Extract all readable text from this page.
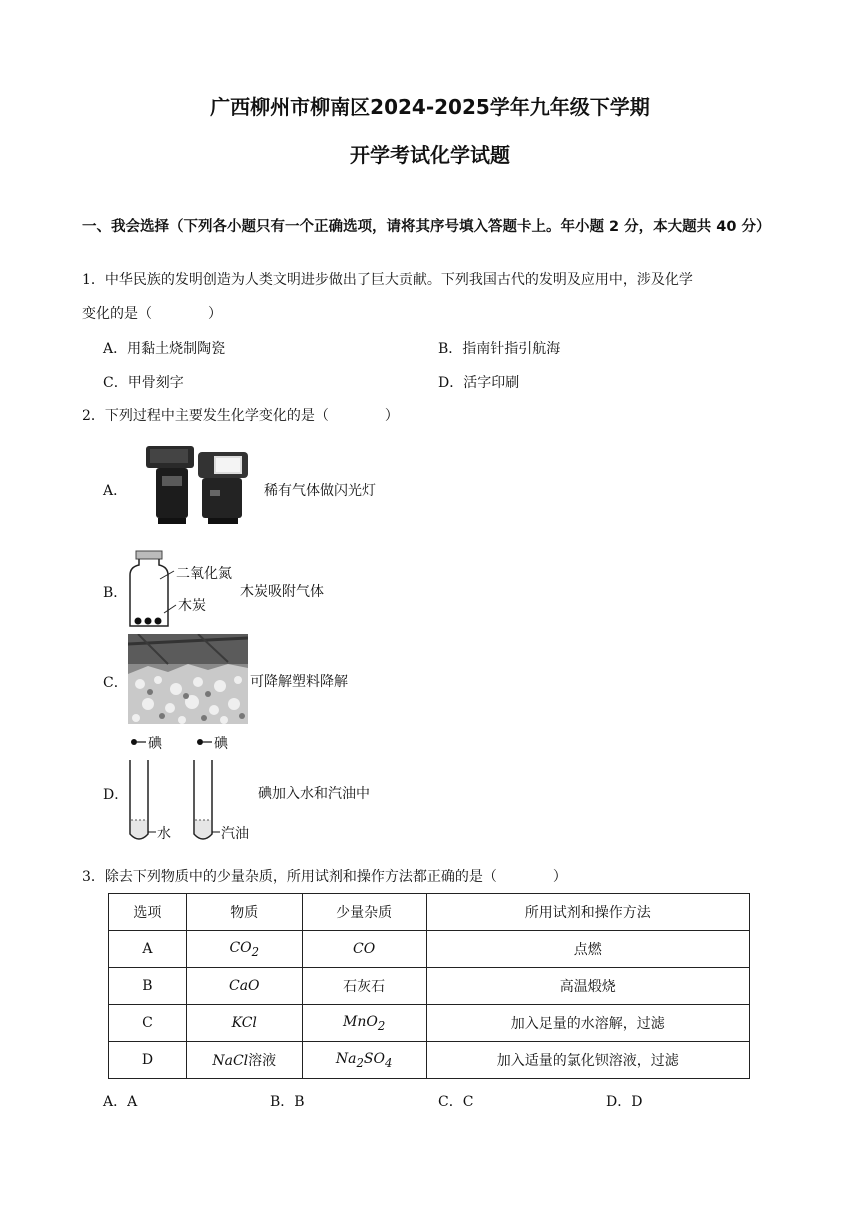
广西柳州市柳南区2024-2025学年九年级下学期
开学考试化学试题
一、我会选择（下列各小题只有一个正确选项，请将其序号填入答题卡上。年小题 2 分，本大题共 40 分）
1．中华民族的发明创造为人类文明进步做出了巨大贡献。下列我国古代的发明及应用中，涉及化学
变化的是（　　　　）
A．用黏土烧制陶瓷	B．指南针指引航海
C．甲骨刻字	D．活字印刷
2．下列过程中主要发生化学变化的是（　　　　）
A．	稀有气体做闪光灯
B．
二氧化氮
木炭
木炭吸附气体
C．	可降解塑料降解
D．
碘	碘
水	汽油
碘加入水和汽油中
3．除去下列物质中的少量杂质，所用试剂和操作方法都正确的是（　　　　）
选项	物质	少量杂质	所用试剂和操作方法
A	$CO_2$	CO	点燃
B	CaO	石灰石	高温煅烧
C	KCl	MnO$_2$	加入足量的水溶解，过滤
D	NaCl溶液	$Na_2SO_4$	加入适量的氯化钡溶液，过滤
A．A	B．B	C．C	D．D
